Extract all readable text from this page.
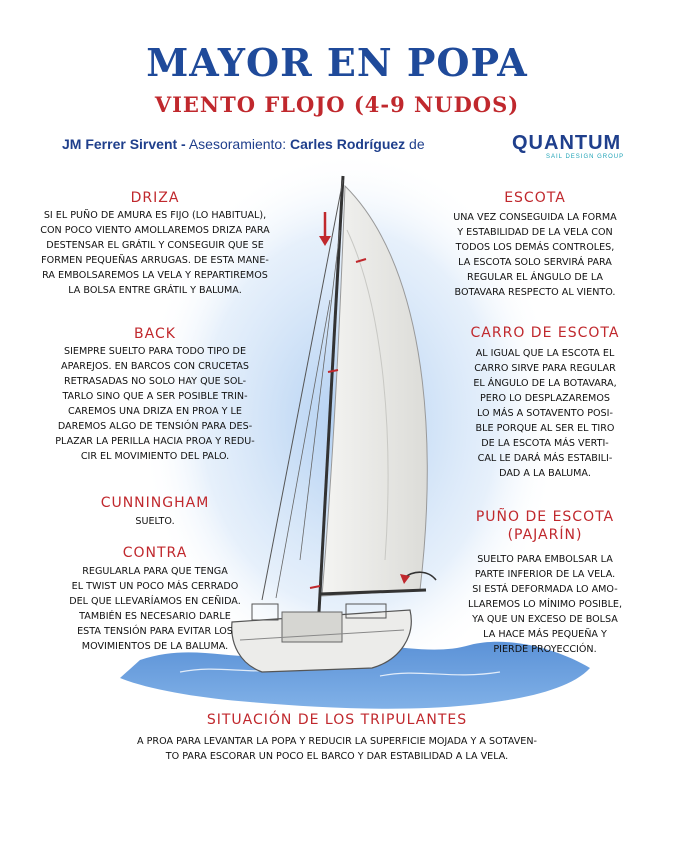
MAYOR EN POPA
VIENTO FLOJO (4-9 NUDOS)
JM Ferrer Sirvent - Asesoramiento: Carles Rodríguez de	QUANTUM
SAIL DESIGN GROUP
DRIZA
SI EL PUÑO DE AMURA ES FIJO (LO HABITUAL),
CON POCO VIENTO AMOLLAREMOS DRIZA PARA
DESTENSAR EL GRÁTIL Y CONSEGUIR QUE SE
FORMEN PEQUEÑAS ARRUGAS. DE ESTA MANE-
RA EMBOLSAREMOS LA VELA Y REPARTIREMOS
LA BOLSA ENTRE GRÁTIL Y BALUMA.
BACK
SIEMPRE SUELTO PARA TODO TIPO DE
APAREJOS. EN BARCOS CON CRUCETAS
RETRASADAS NO SOLO HAY QUE SOL-
TARLO SINO QUE A SER POSIBLE TRIN-
CAREMOS UNA DRIZA EN PROA Y LE
DAREMOS ALGO DE TENSIÓN PARA DES-
PLAZAR LA PERILLA HACIA PROA Y REDU-
CIR EL MOVIMIENTO DEL PALO.
CUNNINGHAM
SUELTO.
CONTRA
REGULARLA PARA QUE TENGA
EL TWIST UN POCO MÁS CERRADO
DEL QUE LLEVARÍAMOS EN CEÑIDA.
TAMBIÉN ES NECESARIO DARLE
ESTA TENSIÓN PARA EVITAR LOS
MOVIMIENTOS DE LA BALUMA.
ESCOTA
UNA VEZ CONSEGUIDA LA FORMA
Y ESTABILIDAD DE LA VELA CON
TODOS LOS DEMÁS CONTROLES,
LA ESCOTA SOLO SERVIRÁ PARA
REGULAR EL ÁNGULO DE LA
BOTAVARA RESPECTO AL VIENTO.
CARRO DE ESCOTA
AL IGUAL QUE LA ESCOTA EL
CARRO SIRVE PARA REGULAR
EL ÁNGULO DE LA BOTAVARA,
PERO LO DESPLAZAREMOS
LO MÁS A SOTAVENTO POSI-
BLE PORQUE AL SER EL TIRO
DE LA ESCOTA MÁS VERTI-
CAL LE DARÁ MÁS ESTABILI-
DAD A LA BALUMA.
PUÑO DE ESCOTA
(PAJARÍN)
SUELTO PARA EMBOLSAR LA
PARTE INFERIOR DE LA VELA.
SI ESTÁ DEFORMADA LO AMO-
LLAREMOS LO MÍNIMO POSIBLE,
YA QUE UN EXCESO DE BOLSA
LA HACE MÁS PEQUEÑA Y
PIERDE PROYECCIÓN.
SITUACIÓN DE LOS TRIPULANTES
A PROA PARA LEVANTAR LA POPA Y REDUCIR LA SUPERFICIE MOJADA Y A SOTAVEN-
TO PARA ESCORAR UN POCO EL BARCO Y DAR ESTABILIDAD A LA VELA.
